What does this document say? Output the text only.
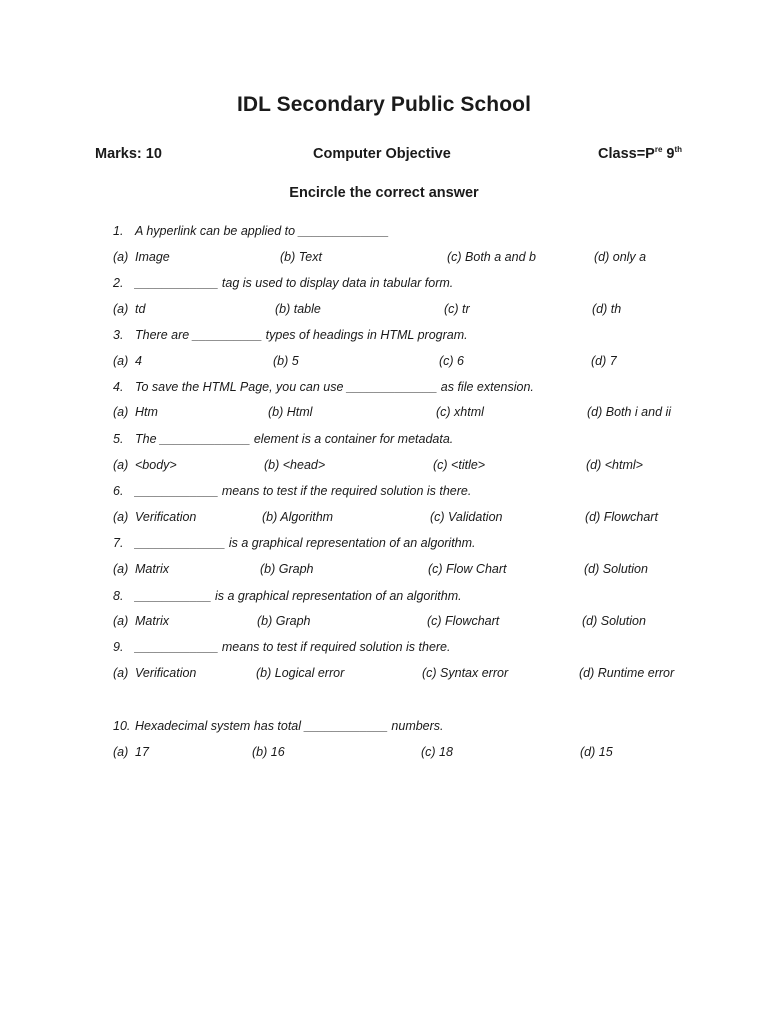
IDL Secondary Public School
Marks: 10	Computer Objective	$Class=P^{re}$ 9th
Encircle the correct answer
1. A hyperlink can be applied to _____________
(a) Image	(b) Text	(c) Both a and b	(d) only a
2. ____________ tag is used to display data in tabular form.
(a) td	(b) table	(c) tr	(d) th
3. There are __________ types of headings in HTML program.
(a) 4	(b) 5	(c) 6	(d) 7
4. To save the HTML Page, you can use _____________ as file extension.
(a) Htm	(b) Html	(c) xhtml	(d) Both i and ii
5. The _____________ element is a container for metadata.
(a) <body>	(b) <head>	(c) <title>	(d) <html>
6. ____________ means to test if the required solution is there.
(a) Verification	(b) Algorithm	(c) Validation	(d) Flowchart
7. _____________ is a graphical representation of an algorithm.
(a) Matrix	(b) Graph	(c) Flow Chart	(d) Solution
8. ___________ is a graphical representation of an algorithm.
(a) Matrix	(b) Graph	(c) Flowchart	(d) Solution
9. ____________ means to test if required solution is there.
(a) Verification	(b) Logical error	(c) Syntax error	(d) Runtime error
10. Hexadecimal system has total ____________ numbers.
(a) 17	(b) 16	(c) 18	(d) 15
